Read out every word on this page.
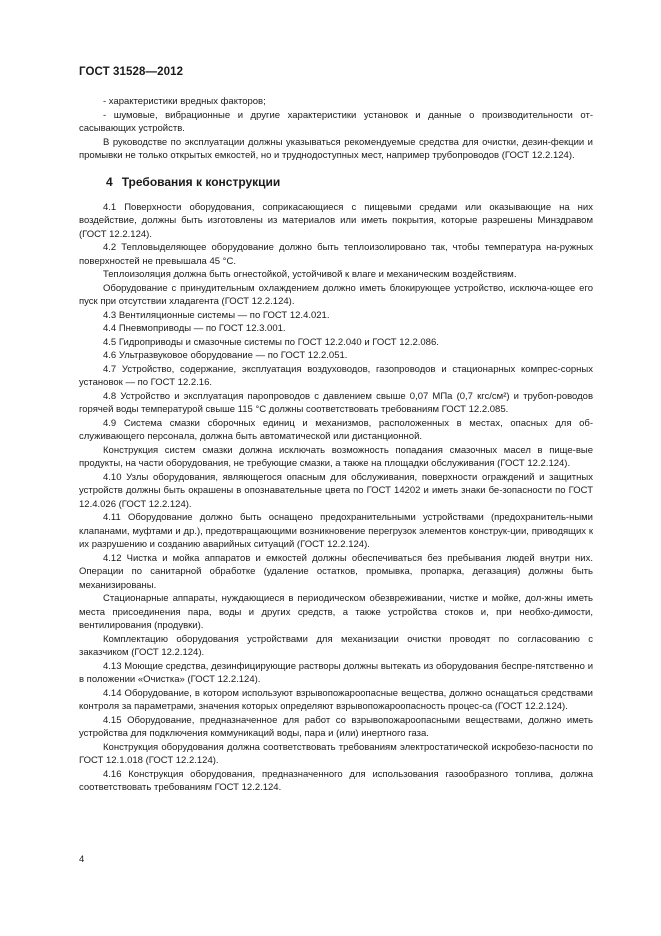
ГОСТ 31528—2012

- характеристики вредных факторов;

- шумовые, вибрационные и другие характеристики установок и данные о производительности от-сасывающих устройств.

В руководстве по эксплуатации должны указываться рекомендуемые средства для очистки, дезин-фекции и промывки не только открытых емкостей, но и труднодоступных мест, например трубопроводов (ГОСТ 12.2.124).

4 Требования к конструкции

4.1 Поверхности оборудования, соприкасающиеся с пищевыми средами или оказывающие на них воздействие, должны быть изготовлены из материалов или иметь покрытия, которые разрешены Минздравом (ГОСТ 12.2.124).

4.2 Тепловыделяющее оборудование должно быть теплоизолировано так, чтобы температура на-ружных поверхностей не превышала 45 °С.

Теплоизоляция должна быть огнестойкой, устойчивой к влаге и механическим воздействиям.

Оборудование с принудительным охлаждением должно иметь блокирующее устройство, исключа-ющее его пуск при отсутствии хладагента (ГОСТ 12.2.124).

4.3 Вентиляционные системы — по ГОСТ 12.4.021.

4.4 Пневмоприводы — по ГОСТ 12.3.001.

4.5 Гидроприводы и смазочные системы по ГОСТ 12.2.040 и ГОСТ 12.2.086.

4.6 Ультразвуковое оборудование — по ГОСТ 12.2.051.

4.7 Устройство, содержание, эксплуатация воздуховодов, газопроводов и стационарных компрес-сорных установок — по ГОСТ 12.2.16.

4.8 Устройство и эксплуатация паропроводов с давлением свыше 0,07 МПа (0,7 кгс/см²) и трубоп-роводов горячей воды температурой свыше 115 °С должны соответствовать требованиям ГОСТ 12.2.085.

4.9 Система смазки сборочных единиц и механизмов, расположенных в местах, опасных для об-служивающего персонала, должна быть автоматической или дистанционной.

Конструкция систем смазки должна исключать возможность попадания смазочных масел в пище-вые продукты, на части оборудования, не требующие смазки, а также на площадки обслуживания (ГОСТ 12.2.124).

4.10 Узлы оборудования, являющегося опасным для обслуживания, поверхности ограждений и защитных устройств должны быть окрашены в опознавательные цвета по ГОСТ 14202 и иметь знаки бе-зопасности по ГОСТ 12.4.026 (ГОСТ 12.2.124).

4.11 Оборудование должно быть оснащено предохранительными устройствами (предохранитель-ными клапанами, муфтами и др.), предотвращающими возникновение перегрузок элементов конструк-ции, приводящих к их разрушению и созданию аварийных ситуаций (ГОСТ 12.2.124).

4.12 Чистка и мойка аппаратов и емкостей должны обеспечиваться без пребывания людей внутри них. Операции по санитарной обработке (удаление остатков, промывка, пропарка, дегазация) должны быть механизированы.

Стационарные аппараты, нуждающиеся в периодическом обезвреживании, чистке и мойке, дол-жны иметь места присоединения пара, воды и других средств, а также устройства стоков и, при необхо-димости, вентилирования (продувки).

Комплектацию оборудования устройствами для механизации очистки проводят по согласованию с заказчиком (ГОСТ 12.2.124).

4.13 Моющие средства, дезинфицирующие растворы должны вытекать из оборудования беспре-пятственно и в положении «Очистка» (ГОСТ 12.2.124).

4.14 Оборудование, в котором используют взрывопожароопасные вещества, должно оснащаться средствами контроля за параметрами, значения которых определяют взрывопожароопасность процес-са (ГОСТ 12.2.124).

4.15 Оборудование, предназначенное для работ со взрывопожароопасными веществами, должно иметь устройства для подключения коммуникаций воды, пара и (или) инертного газа.

Конструкция оборудования должна соответствовать требованиям электростатической искробезо-пасности по ГОСТ 12.1.018 (ГОСТ 12.2.124).

4.16 Конструкция оборудования, предназначенного для использования газообразного топлива, должна соответствовать требованиям ГОСТ 12.2.124.

4
